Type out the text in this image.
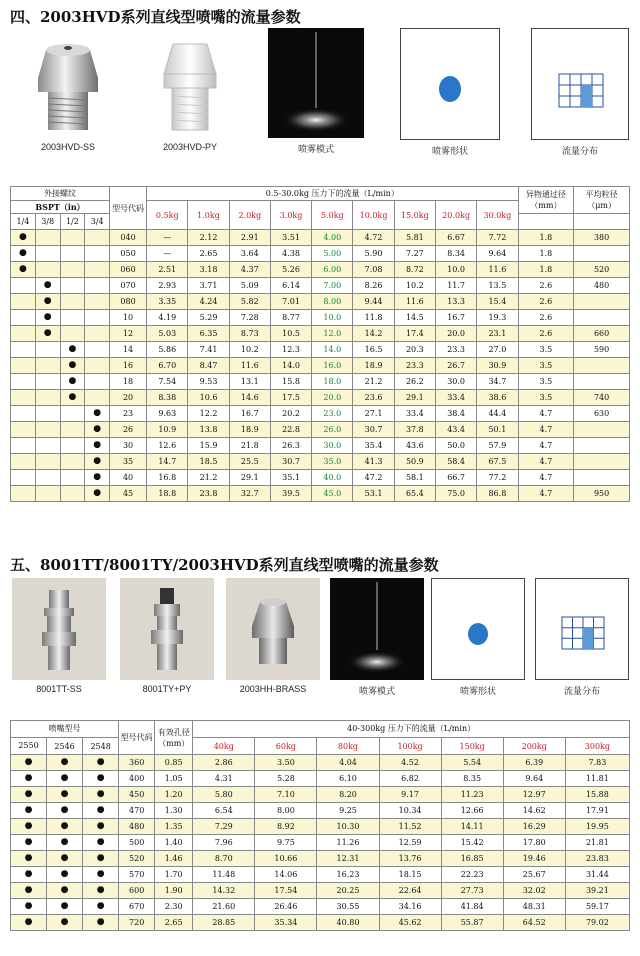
四、2003HVD系列直线型喷嘴的流量参数
2003HVD-SS	2003HVD-PY	喷雾模式	喷雾形状	流量分布
外接螺纹				型号代码	0.5-30.0kg 压力下的流量（L/min）									异物通过径
（mm）	平均粒径
（μm）
BSPT（in）					0.5kg	1.0kg	2.0kg	3.0kg	5.0kg	10.0kg	15.0kg	20.0kg	30.0kg		
1/4	3/8	1/2	3/4												
●				040	—	2.12	2.91	3.51	4.00	4.72	5.81	6.67	7.72	1.8	380
●				050	—	2.65	3.64	4.38	5.00	5.90	7.27	8.34	9.64	1.8	
●				060	2.51	3.18	4.37	5.26	6.00	7.08	8.72	10.0	11.6	1.8	520
	●			070	2.93	3.71	5.09	6.14	7.00	8.26	10.2	11.7	13.5	2.6	480
	●			080	3.35	4.24	5.82	7.01	8.00	9.44	11.6	13.3	15.4	2.6	
	●			10	4.19	5.29	7.28	8.77	10.0	11.8	14.5	16.7	19.3	2.6	
	●			12	5.03	6.35	8.73	10.5	12.0	14.2	17.4	20.0	23.1	2.6	660
		●		14	5.86	7.41	10.2	12.3	14.0	16.5	20.3	23.3	27.0	3.5	590
		●		16	6.70	8.47	11.6	14.0	16.0	18.9	23.3	26.7	30.9	3.5	
		●		18	7.54	9.53	13.1	15.8	18.0	21.2	26.2	30.0	34.7	3.5	
		●		20	8.38	10.6	14.6	17.5	20.0	23.6	29.1	33.4	38.6	3.5	740
			●	23	9.63	12.2	16.7	20.2	23.0	27.1	33.4	38.4	44.4	4.7	630
			●	26	10.9	13.8	18.9	22.8	26.0	30.7	37.8	43.4	50.1	4.7	
			●	30	12.6	15.9	21.8	26.3	30.0	35.4	43.6	50.0	57.9	4.7	
			●	35	14.7	18.5	25.5	30.7	35.0	41.3	50.9	58.4	67.5	4.7	
			●	40	16.8	21.2	29.1	35.1	40.0	47.2	58.1	66.7	77.2	4.7	
			●	45	18.8	23.8	32.7	39.5	45.0	53.1	65.4	75.0	86.8	4.7	950
五、8001TT/8001TY/2003HVD系列直线型喷嘴的流量参数
8001TT-SS	8001TY+PY	2003HH-BRASS	喷雾模式	喷雾形状	流量分布
喷嘴型号			型号代码	有效孔径
（mm）	40-300kg 压力下的流量（L/min）						
2550	2546	2548			40kg	60kg	80kg	100kg	150kg	200kg	300kg
●	●	●	360	0.85	2.86	3.50	4.04	4.52	5.54	6.39	7.83
●	●	●	400	1.05	4.31	5.28	6.10	6.82	8.35	9.64	11.81
●	●	●	450	1.20	5.80	7.10	8.20	9.17	11.23	12.97	15.88
●	●	●	470	1.30	6.54	8.00	9.25	10.34	12.66	14.62	17.91
●	●	●	480	1.35	7.29	8.92	10.30	11.52	14.11	16.29	19.95
●	●	●	500	1.40	7.96	9.75	11.26	12.59	15.42	17.80	21.81
●	●	●	520	1.46	8.70	10.66	12.31	13.76	16.85	19.46	23.83
●	●	●	570	1.70	11.48	14.06	16.23	18.15	22.23	25.67	31.44
●	●	●	600	1.90	14.32	17.54	20.25	22.64	27.73	32.02	39.21
●	●	●	670	2.30	21.60	26.46	30.55	34.16	41.84	48.31	59.17
●	●	●	720	2.65	28.85	35.34	40.80	45.62	55.87	64.52	79.02
